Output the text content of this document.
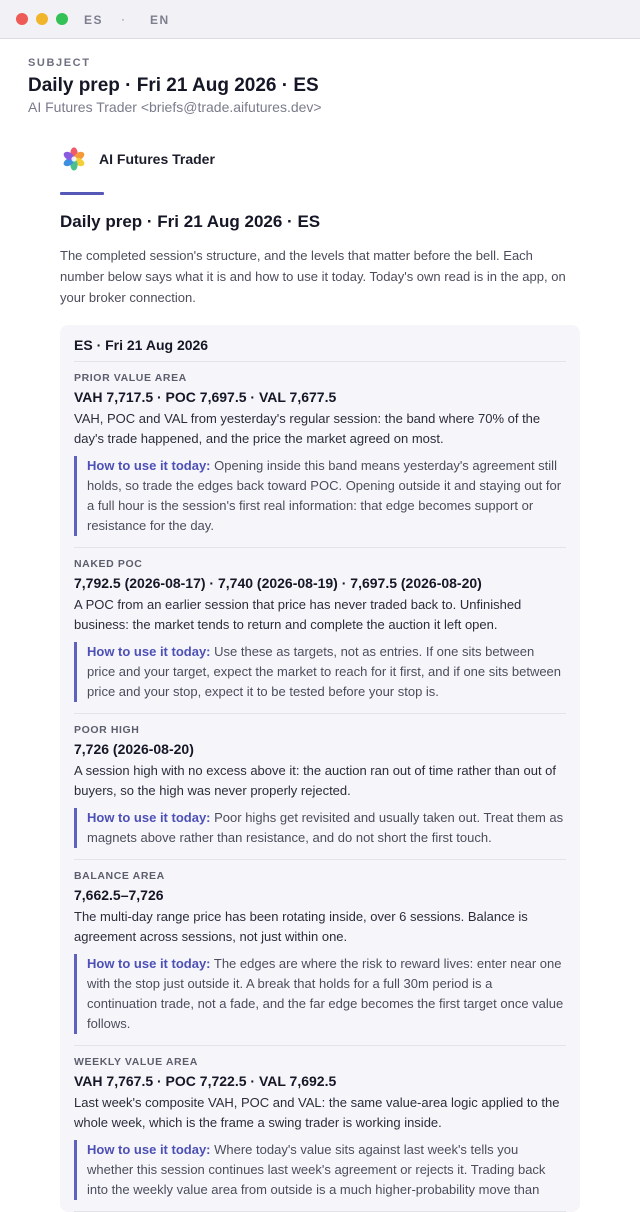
ES · EN
SUBJECT
Daily prep · Fri 21 Aug 2026 · ES
AI Futures Trader <briefs@trade.aifutures.dev>
AI Futures Trader
Daily prep · Fri 21 Aug 2026 · ES
The completed session's structure, and the levels that matter before the bell. Each number below says what it is and how to use it today. Today's own read is in the app, on your broker connection.
ES · Fri 21 Aug 2026
PRIOR VALUE AREA
VAH 7,717.5 · POC 7,697.5 · VAL 7,677.5
VAH, POC and VAL from yesterday's regular session: the band where 70% of the day's trade happened, and the price the market agreed on most.
How to use it today: Opening inside this band means yesterday's agreement still holds, so trade the edges back toward POC. Opening outside it and staying out for a full hour is the session's first real information: that edge becomes support or resistance for the day.
NAKED POC
7,792.5 (2026-08-17) · 7,740 (2026-08-19) · 7,697.5 (2026-08-20)
A POC from an earlier session that price has never traded back to. Unfinished business: the market tends to return and complete the auction it left open.
How to use it today: Use these as targets, not as entries. If one sits between price and your target, expect the market to reach for it first, and if one sits between price and your stop, expect it to be tested before your stop is.
POOR HIGH
7,726 (2026-08-20)
A session high with no excess above it: the auction ran out of time rather than out of buyers, so the high was never properly rejected.
How to use it today: Poor highs get revisited and usually taken out. Treat them as magnets above rather than resistance, and do not short the first touch.
BALANCE AREA
7,662.5–7,726
The multi-day range price has been rotating inside, over 6 sessions. Balance is agreement across sessions, not just within one.
How to use it today: The edges are where the risk to reward lives: enter near one with the stop just outside it. A break that holds for a full 30m period is a continuation trade, not a fade, and the far edge becomes the first target once value follows.
WEEKLY VALUE AREA
VAH 7,767.5 · POC 7,722.5 · VAL 7,692.5
Last week's composite VAH, POC and VAL: the same value-area logic applied to the whole week, which is the frame a swing trader is working inside.
How to use it today: Where today's value sits against last week's tells you whether this session continues last week's agreement or rejects it. Trading back into the weekly value area from outside is a much higher-probability move than
